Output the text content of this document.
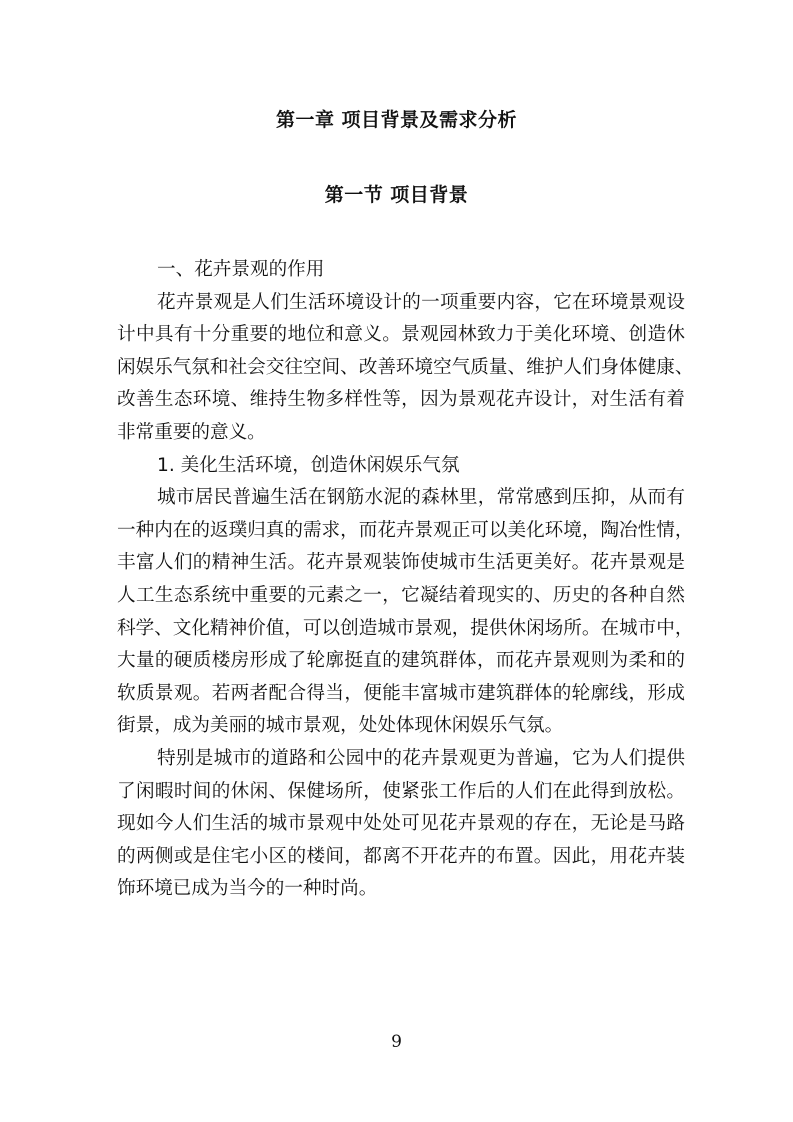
第一章 项目背景及需求分析
第一节 项目背景
一、花卉景观的作用
花卉景观是人们生活环境设计的一项重要内容，它在环境景观设
计中具有十分重要的地位和意义。景观园林致力于美化环境、创造休
闲娱乐气氛和社会交往空间、改善环境空气质量、维护人们身体健康、
改善生态环境、维持生物多样性等，因为景观花卉设计，对生活有着
非常重要的意义。
1. 美化生活环境，创造休闲娱乐气氛
城市居民普遍生活在钢筋水泥的森林里，常常感到压抑，从而有
一种内在的返璞归真的需求，而花卉景观正可以美化环境，陶冶性情，
丰富人们的精神生活。花卉景观装饰使城市生活更美好。花卉景观是
人工生态系统中重要的元素之一，它凝结着现实的、历史的各种自然
科学、文化精神价值，可以创造城市景观，提供休闲场所。在城市中，
大量的硬质楼房形成了轮廓挺直的建筑群体，而花卉景观则为柔和的
软质景观。若两者配合得当，便能丰富城市建筑群体的轮廓线，形成
街景，成为美丽的城市景观，处处体现休闲娱乐气氛。
特别是城市的道路和公园中的花卉景观更为普遍，它为人们提供
了闲暇时间的休闲、保健场所，使紧张工作后的人们在此得到放松。
现如今人们生活的城市景观中处处可见花卉景观的存在，无论是马路
的两侧或是住宅小区的楼间，都离不开花卉的布置。因此，用花卉装
饰环境已成为当今的一种时尚。
9
